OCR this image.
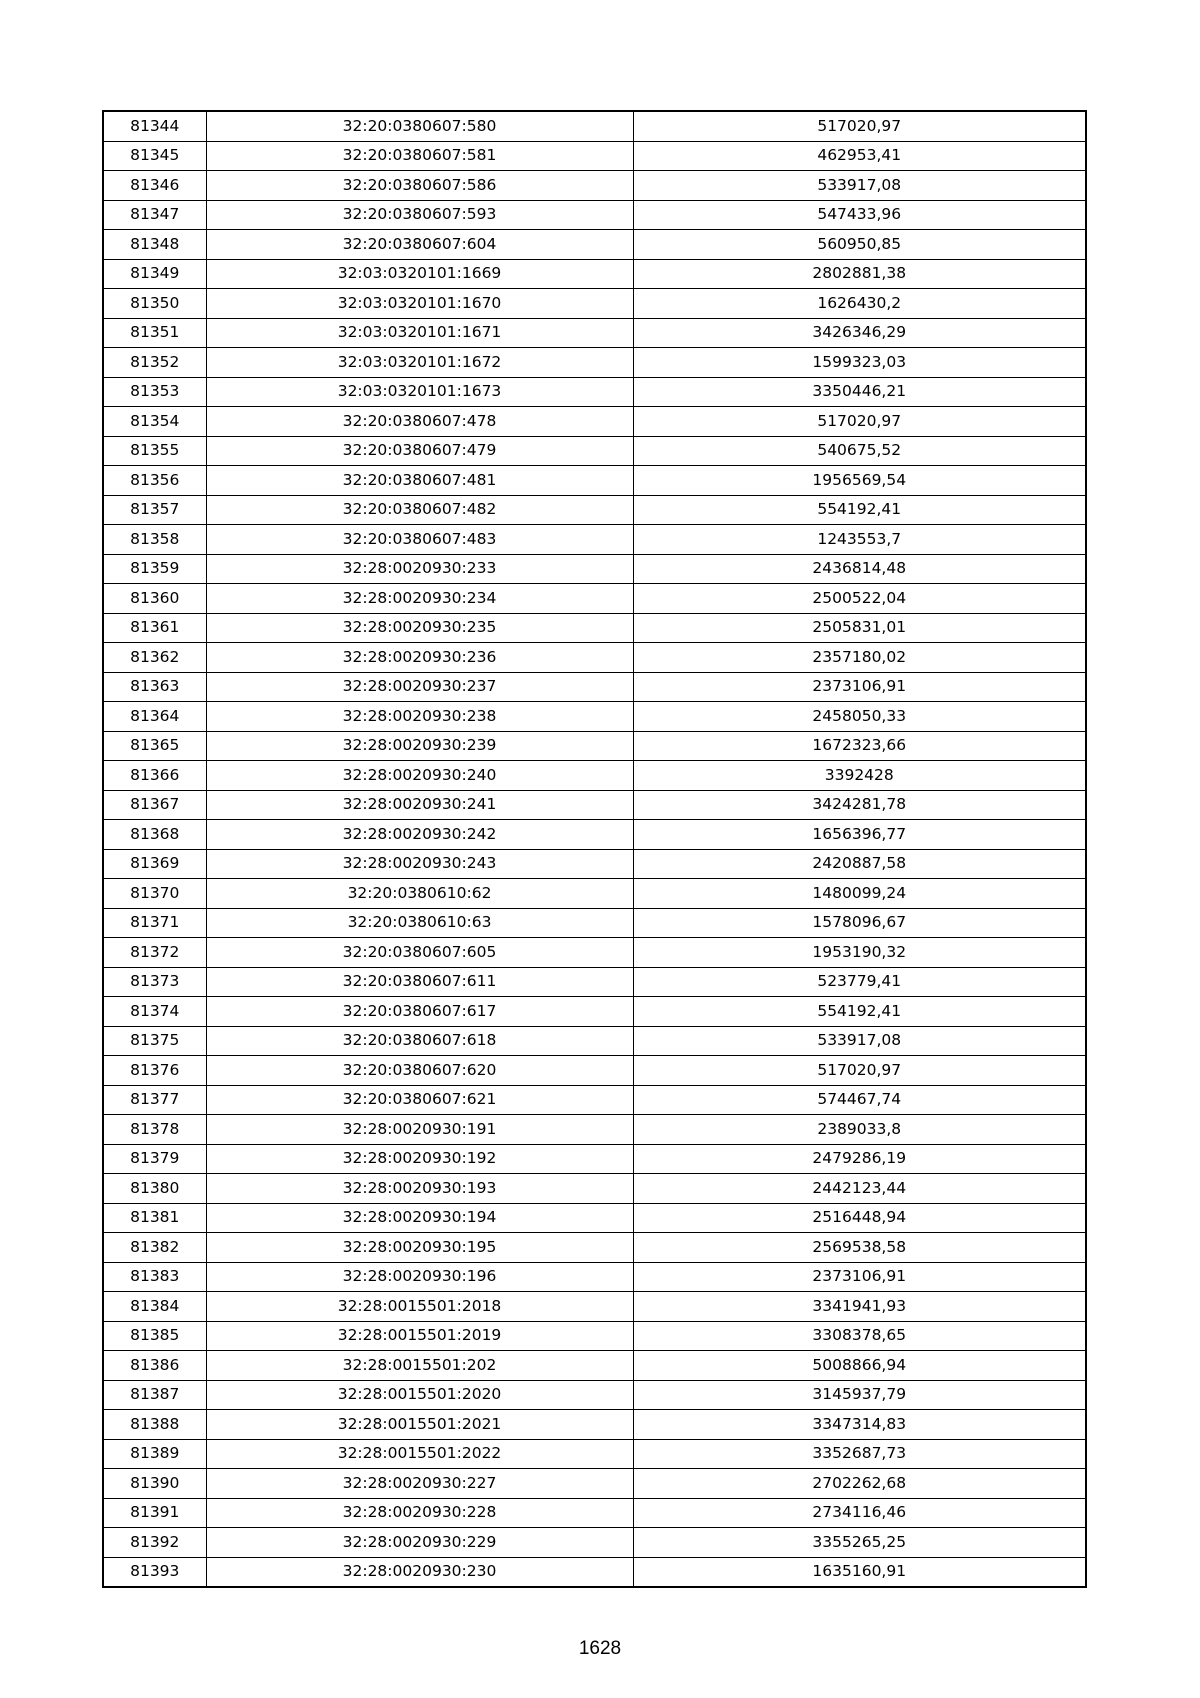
81344	32:20:0380607:580	517020,97
81345	32:20:0380607:581	462953,41
81346	32:20:0380607:586	533917,08
81347	32:20:0380607:593	547433,96
81348	32:20:0380607:604	560950,85
81349	32:03:0320101:1669	2802881,38
81350	32:03:0320101:1670	1626430,2
81351	32:03:0320101:1671	3426346,29
81352	32:03:0320101:1672	1599323,03
81353	32:03:0320101:1673	3350446,21
81354	32:20:0380607:478	517020,97
81355	32:20:0380607:479	540675,52
81356	32:20:0380607:481	1956569,54
81357	32:20:0380607:482	554192,41
81358	32:20:0380607:483	1243553,7
81359	32:28:0020930:233	2436814,48
81360	32:28:0020930:234	2500522,04
81361	32:28:0020930:235	2505831,01
81362	32:28:0020930:236	2357180,02
81363	32:28:0020930:237	2373106,91
81364	32:28:0020930:238	2458050,33
81365	32:28:0020930:239	1672323,66
81366	32:28:0020930:240	3392428
81367	32:28:0020930:241	3424281,78
81368	32:28:0020930:242	1656396,77
81369	32:28:0020930:243	2420887,58
81370	32:20:0380610:62	1480099,24
81371	32:20:0380610:63	1578096,67
81372	32:20:0380607:605	1953190,32
81373	32:20:0380607:611	523779,41
81374	32:20:0380607:617	554192,41
81375	32:20:0380607:618	533917,08
81376	32:20:0380607:620	517020,97
81377	32:20:0380607:621	574467,74
81378	32:28:0020930:191	2389033,8
81379	32:28:0020930:192	2479286,19
81380	32:28:0020930:193	2442123,44
81381	32:28:0020930:194	2516448,94
81382	32:28:0020930:195	2569538,58
81383	32:28:0020930:196	2373106,91
81384	32:28:0015501:2018	3341941,93
81385	32:28:0015501:2019	3308378,65
81386	32:28:0015501:202	5008866,94
81387	32:28:0015501:2020	3145937,79
81388	32:28:0015501:2021	3347314,83
81389	32:28:0015501:2022	3352687,73
81390	32:28:0020930:227	2702262,68
81391	32:28:0020930:228	2734116,46
81392	32:28:0020930:229	3355265,25
81393	32:28:0020930:230	1635160,91
1628
